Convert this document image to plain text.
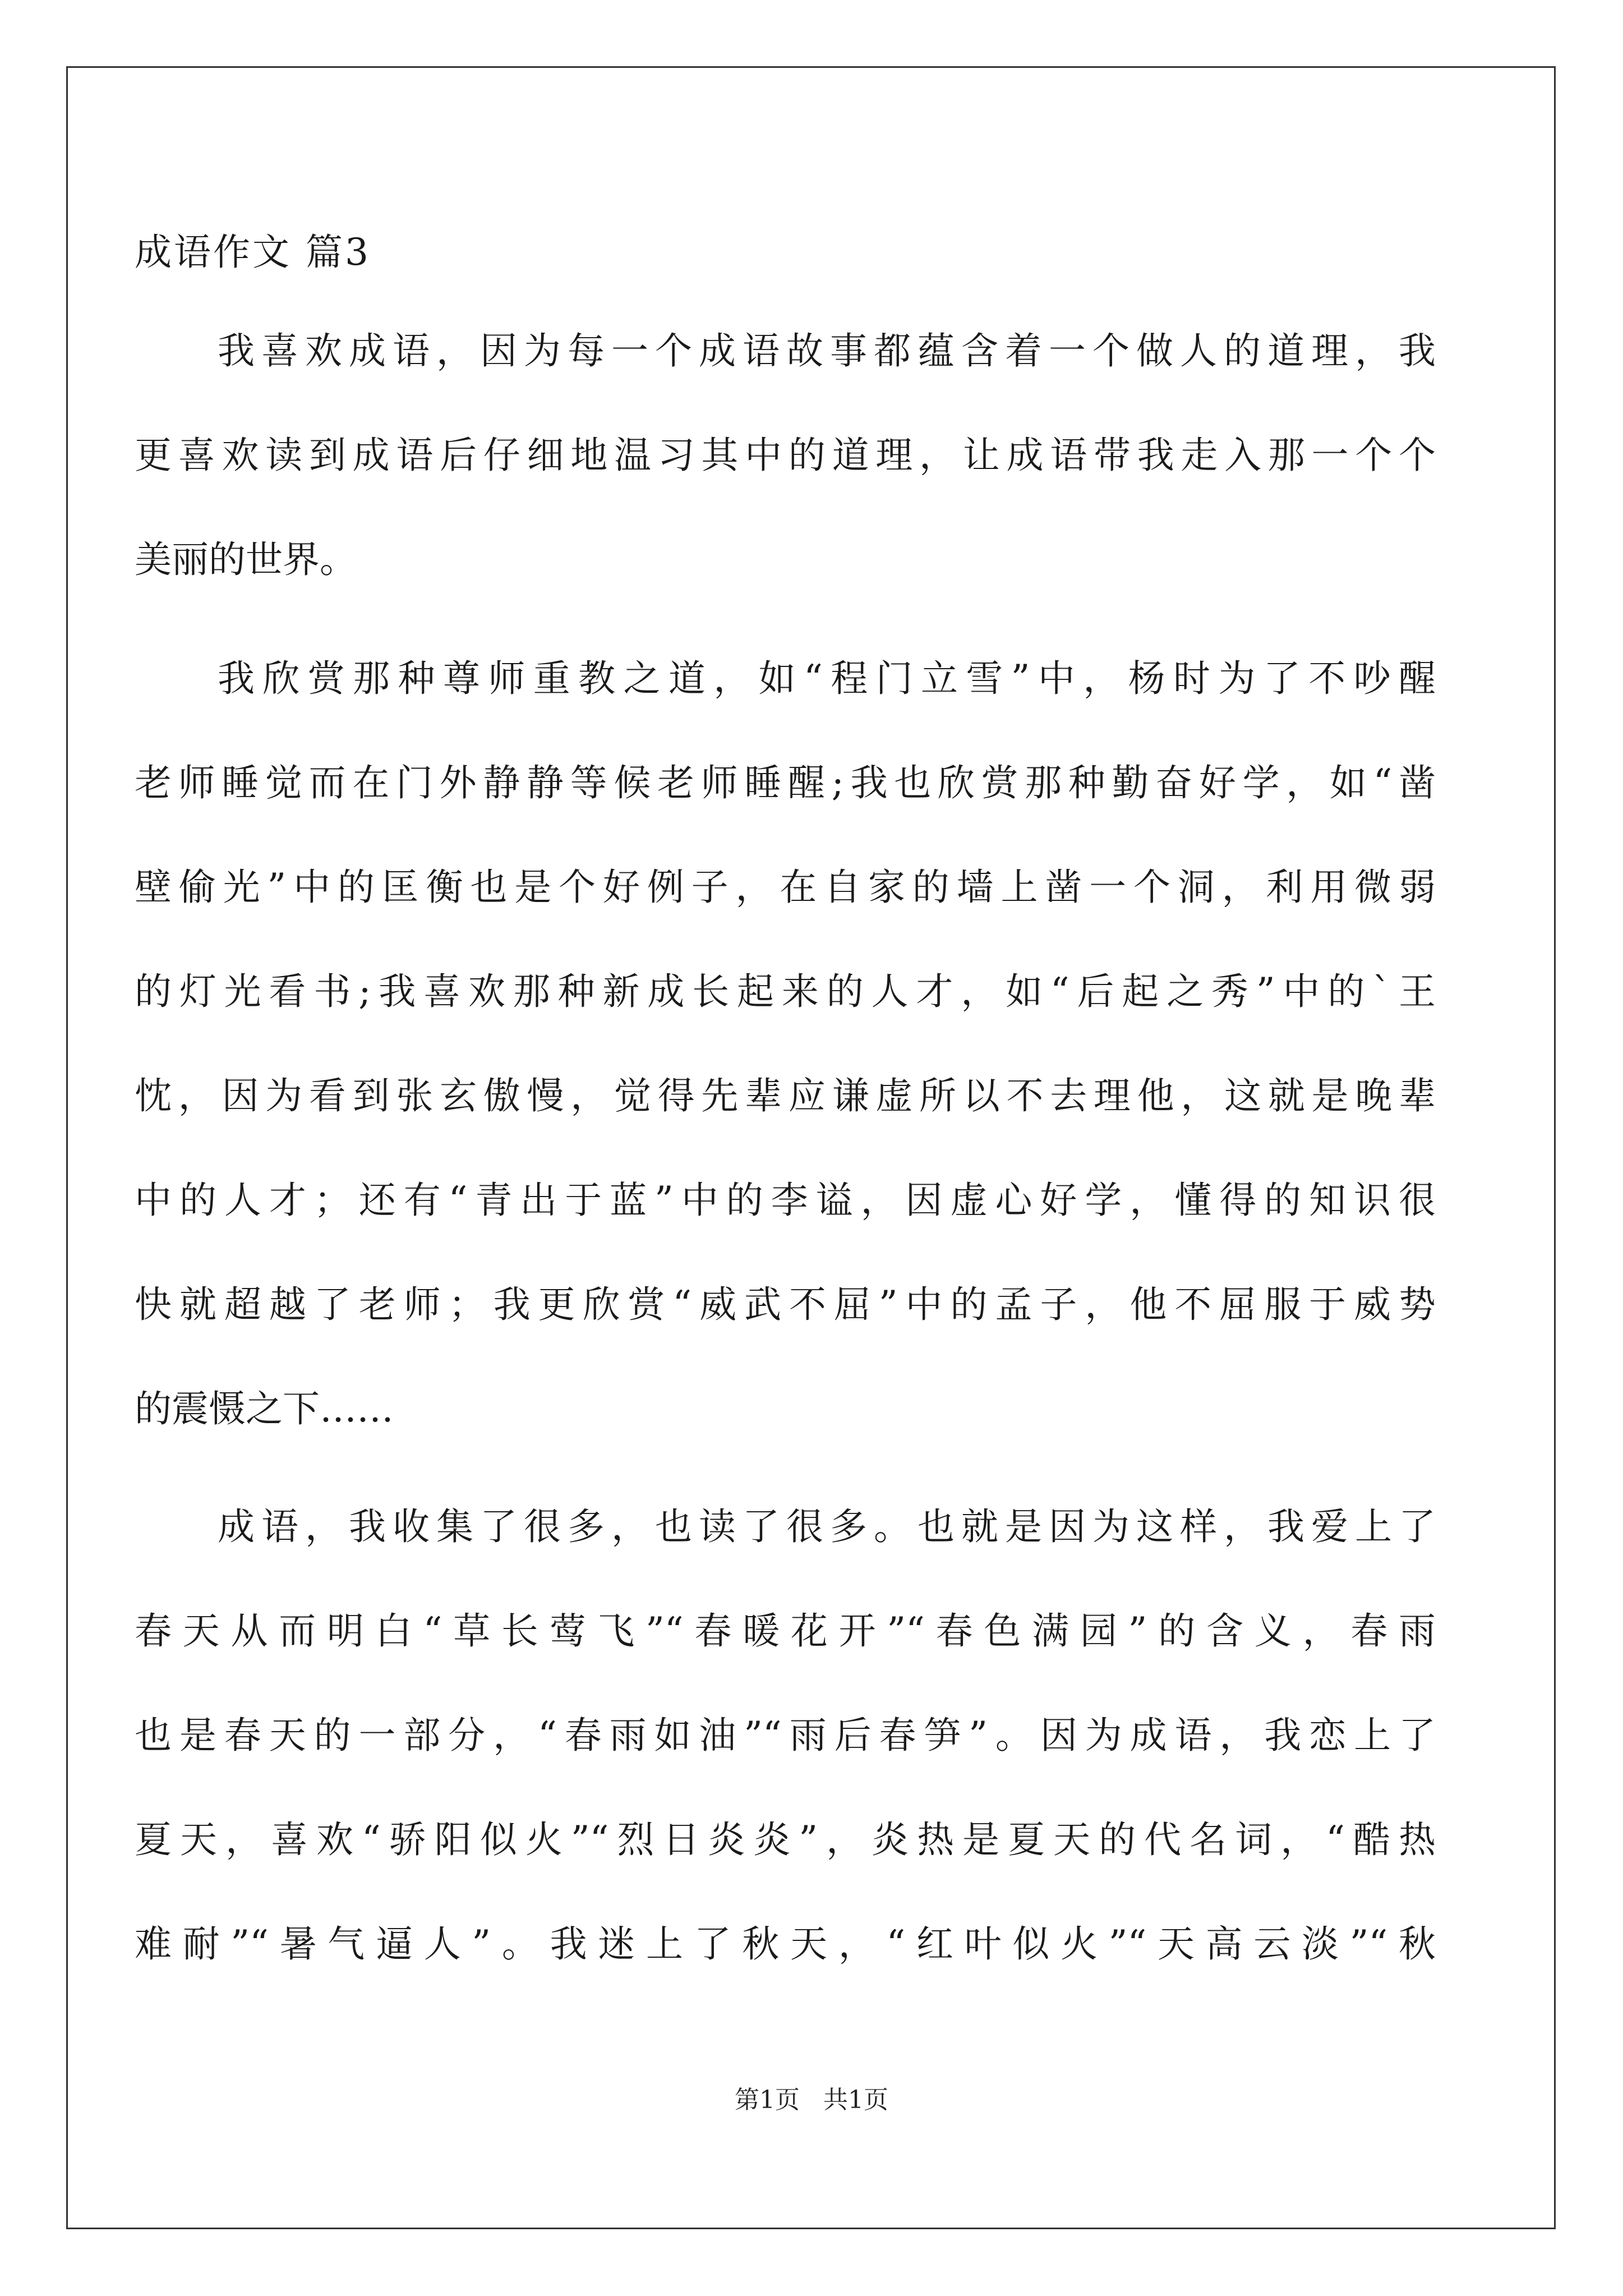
成语作文 篇3
我喜欢成语，因为每一个成语故事都蕴含着一个做人的道理，我
更喜欢读到成语后仔细地温习其中的道理，让成语带我走入那一个个
美丽的世界。
我欣赏那种尊师重教之道，如“程门立雪”中，杨时为了不吵醒
老师睡觉而在门外静静等候老师睡醒;我也欣赏那种勤奋好学，如“凿
壁偷光”中的匡衡也是个好例子，在自家的墙上凿一个洞，利用微弱
的灯光看书;我喜欢那种新成长起来的人才，如“后起之秀”中的`王
忱，因为看到张玄傲慢，觉得先辈应谦虚所以不去理他，这就是晚辈
中的人才；还有“青出于蓝”中的李谥，因虚心好学，懂得的知识很
快就超越了老师；我更欣赏“威武不屈”中的孟子，他不屈服于威势
的震慑之下……
成语，我收集了很多，也读了很多。也就是因为这样，我爱上了
春天从而明白“草长莺飞”“春暖花开”“春色满园”的含义，春雨
也是春天的一部分，“春雨如油”“雨后春笋”。因为成语，我恋上了
夏天，喜欢“骄阳似火”“烈日炎炎”，炎热是夏天的代名词，“酷热
难耐”“暑气逼人”。我迷上了秋天，“红叶似火”“天高云淡”“秋
第1页 共1页
